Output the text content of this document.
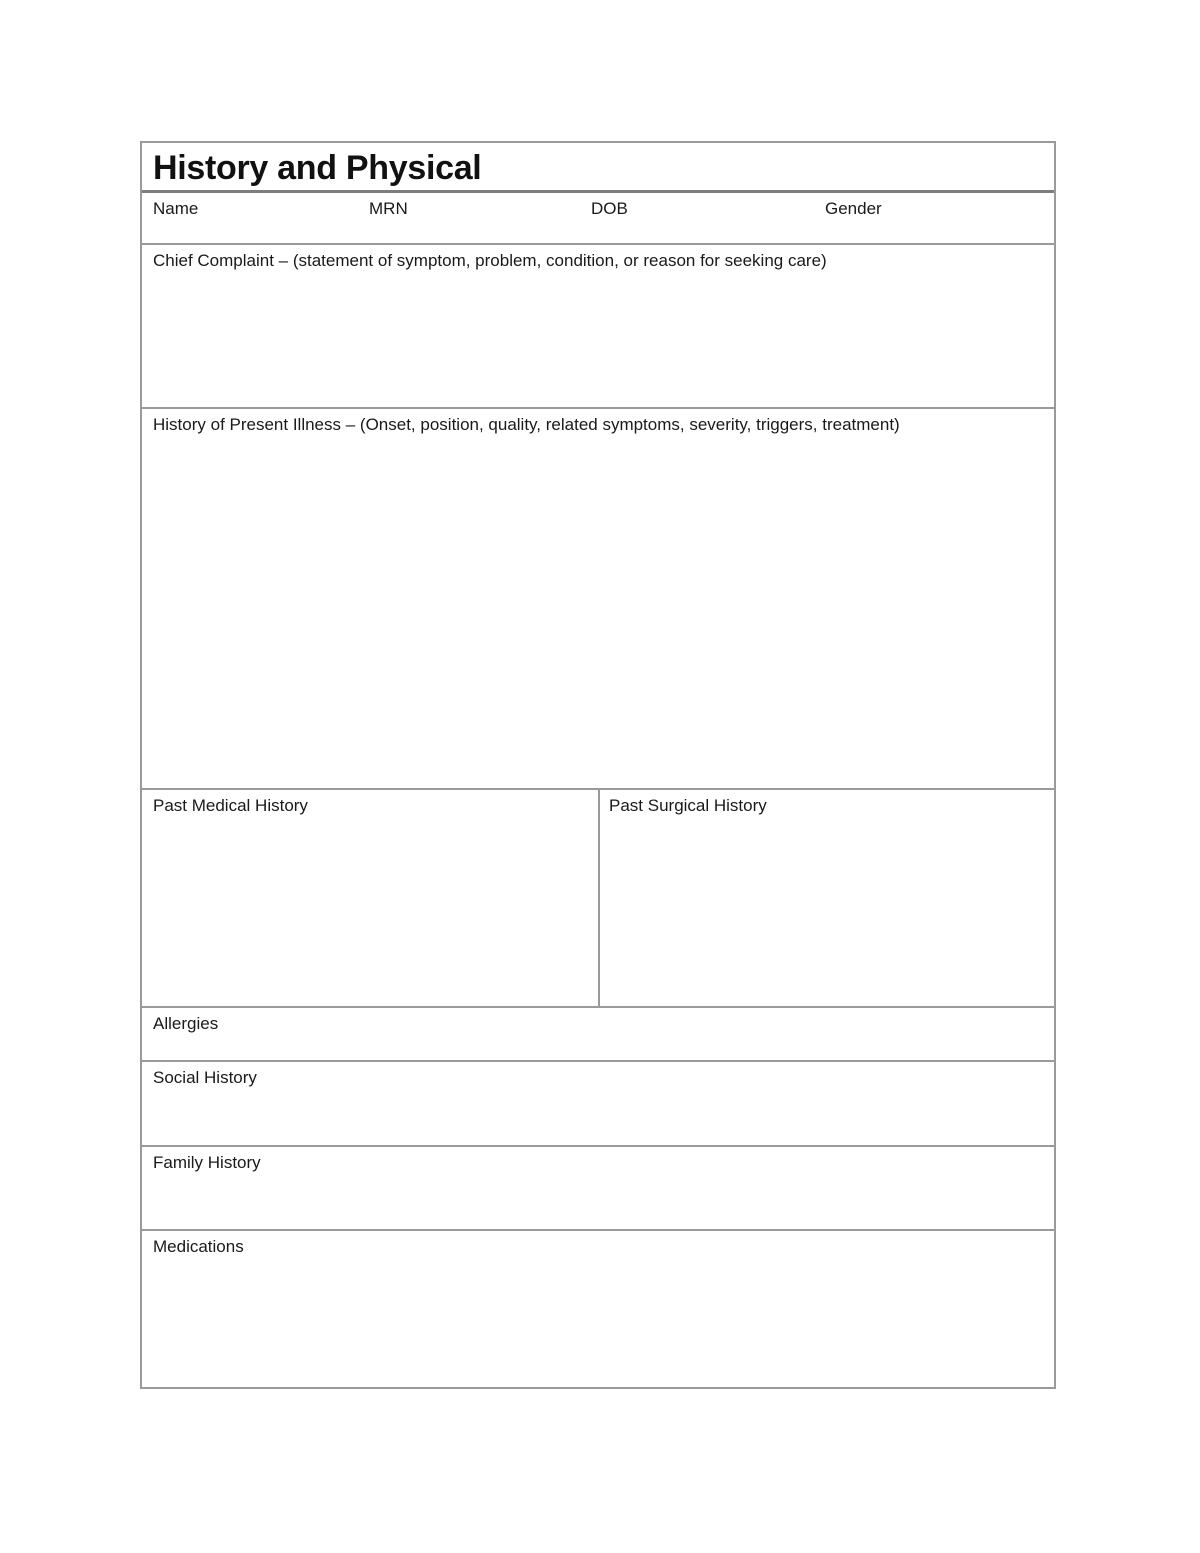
History and Physical
Name	MRN	DOB	Gender
Chief Complaint – (statement of symptom, problem, condition, or reason for seeking care)
History of Present Illness – (Onset, position, quality, related symptoms, severity, triggers, treatment)
Past Medical History	Past Surgical History
Allergies
Social History
Family History
Medications
